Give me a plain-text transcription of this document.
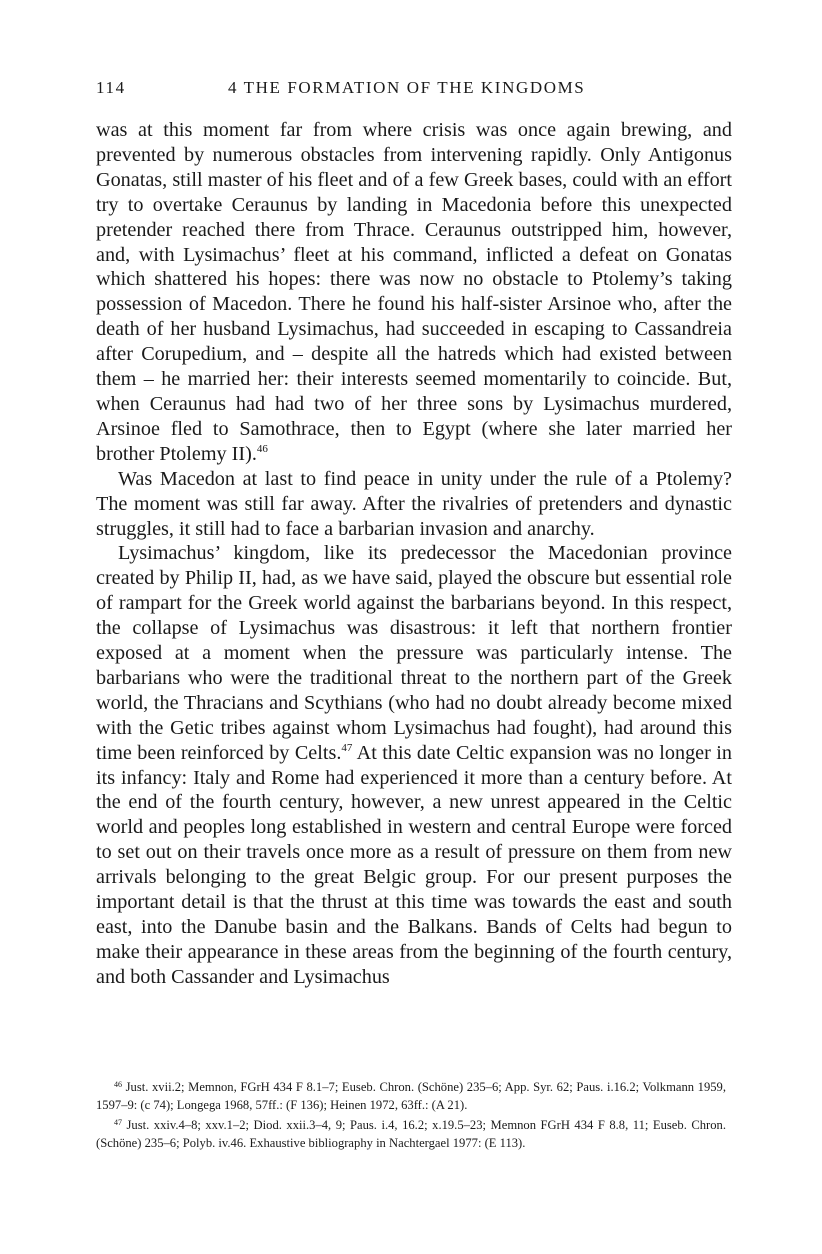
114	4 THE FORMATION OF THE KINGDOMS

was at this moment far from where crisis was once again brewing, and prevented by numerous obstacles from intervening rapidly. Only Antigonus Gonatas, still master of his fleet and of a few Greek bases, could with an effort try to overtake Ceraunus by landing in Macedonia before this unexpected pretender reached there from Thrace. Ceraunus outstripped him, however, and, with Lysimachus’ fleet at his command, inflicted a defeat on Gonatas which shattered his hopes: there was now no obstacle to Ptolemy’s taking possession of Macedon. There he found his half-sister Arsinoe who, after the death of her husband Lysimachus, had succeeded in escaping to Cassandreia after Corupedium, and – despite all the hatreds which had existed between them – he married her: their interests seemed momentarily to coincide. But, when Ceraunus had had two of her three sons by Lysimachus murdered, Arsinoe fled to Samothrace, then to Egypt (where she later married her brother Ptolemy II).$^{46}$

Was Macedon at last to find peace in unity under the rule of a Ptolemy? The moment was still far away. After the rivalries of pretenders and dynastic struggles, it still had to face a barbarian invasion and anarchy.

Lysimachus’ kingdom, like its predecessor the Macedonian province created by Philip II, had, as we have said, played the obscure but essential role of rampart for the Greek world against the barbarians beyond. In this respect, the collapse of Lysimachus was disastrous: it left that northern frontier exposed at a moment when the pressure was particularly intense. The barbarians who were the traditional threat to the northern part of the Greek world, the Thracians and Scythians (who had no doubt already become mixed with the Getic tribes against whom Lysimachus had fought), had around this time been reinforced by Celts.$^{47}$ At this date Celtic expansion was no longer in its infancy: Italy and Rome had experienced it more than a century before. At the end of the fourth century, however, a new unrest appeared in the Celtic world and peoples long established in western and central Europe were forced to set out on their travels once more as a result of pressure on them from new arrivals belonging to the great Belgic group. For our present purposes the important detail is that the thrust at this time was towards the east and south east, into the Danube basin and the Balkans. Bands of Celts had begun to make their appearance in these areas from the beginning of the fourth century, and both Cassander and Lysimachus

$^{46}$ Just. xvii.2; Memnon, FGrH 434 F 8.1–7; Euseb. Chron. (Schöne) 235–6; App. Syr. 62; Paus. i.16.2; Volkmann 1959, 1597–9: (c 74); Longega 1968, 57ff.: (F 136); Heinen 1972, 63ff.: (A 21).

$^{47}$ Just. xxiv.4–8; xxv.1–2; Diod. xxii.3–4, 9; Paus. i.4, 16.2; x.19.5–23; Memnon FGrH 434 F 8.8, 11; Euseb. Chron. (Schöne) 235–6; Polyb. iv.46. Exhaustive bibliography in Nachtergael 1977: (E 113).
